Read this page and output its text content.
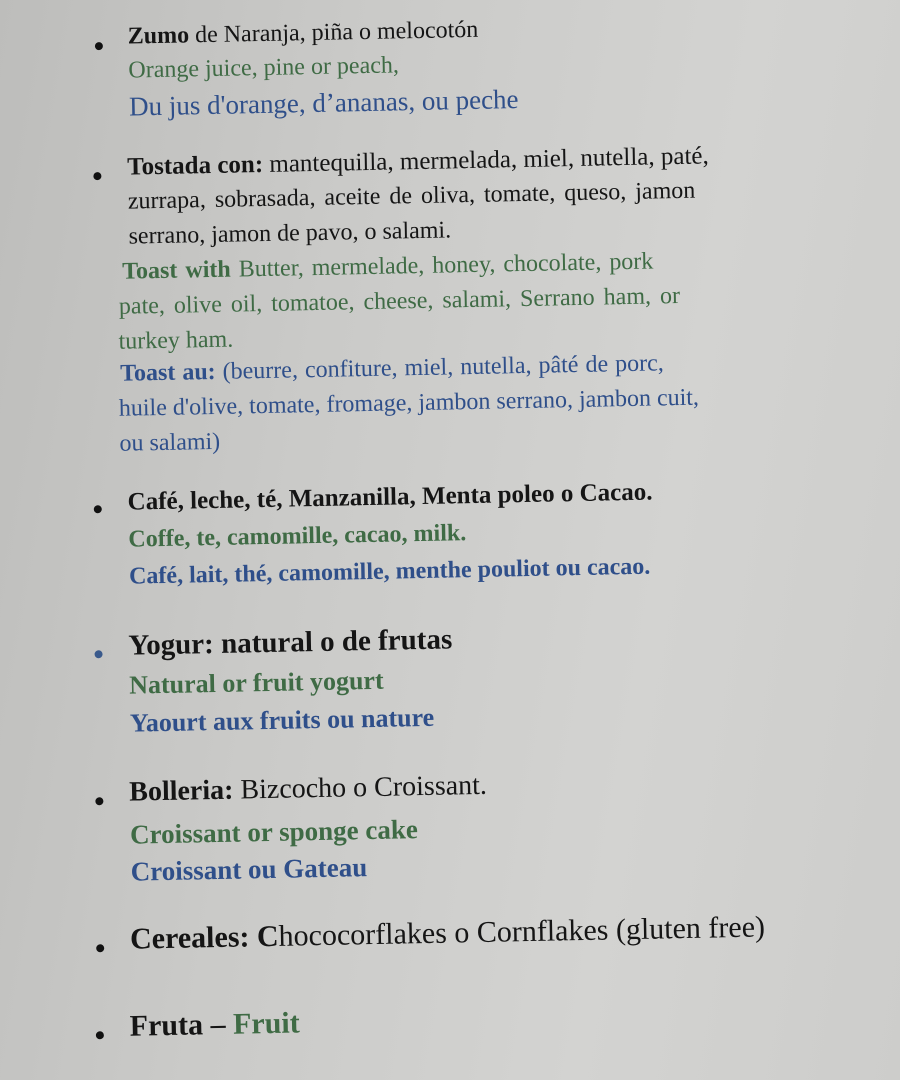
Zumo de Naranja, piña o melocotón
Orange juice, pine or peach,
Du jus d'orange, d’ananas, ou peche
Tostada con: mantequilla, mermelada, miel, nutella, paté,
zurrapa, sobrasada, aceite de oliva, tomate, queso, jamon
serrano, jamon de pavo, o salami.
Toast with Butter, mermelade, honey, chocolate, pork
pate, olive oil, tomatoe, cheese, salami, Serrano ham, or
turkey ham.
Toast au: (beurre, confiture, miel, nutella, pâté de porc,
huile d'olive, tomate, fromage, jambon serrano, jambon cuit,
ou salami)
Café, leche, té, Manzanilla, Menta poleo o Cacao.
Coffe, te, camomille, cacao, milk.
Café, lait, thé, camomille, menthe pouliot ou cacao.
Yogur: natural o de frutas
Natural or fruit yogurt
Yaourt aux fruits ou nature
Bolleria: Bizcocho o Croissant.
Croissant or sponge cake
Croissant ou Gateau
Cereales: Chococorflakes o Cornflakes (gluten free)
Fruta – Fruit
